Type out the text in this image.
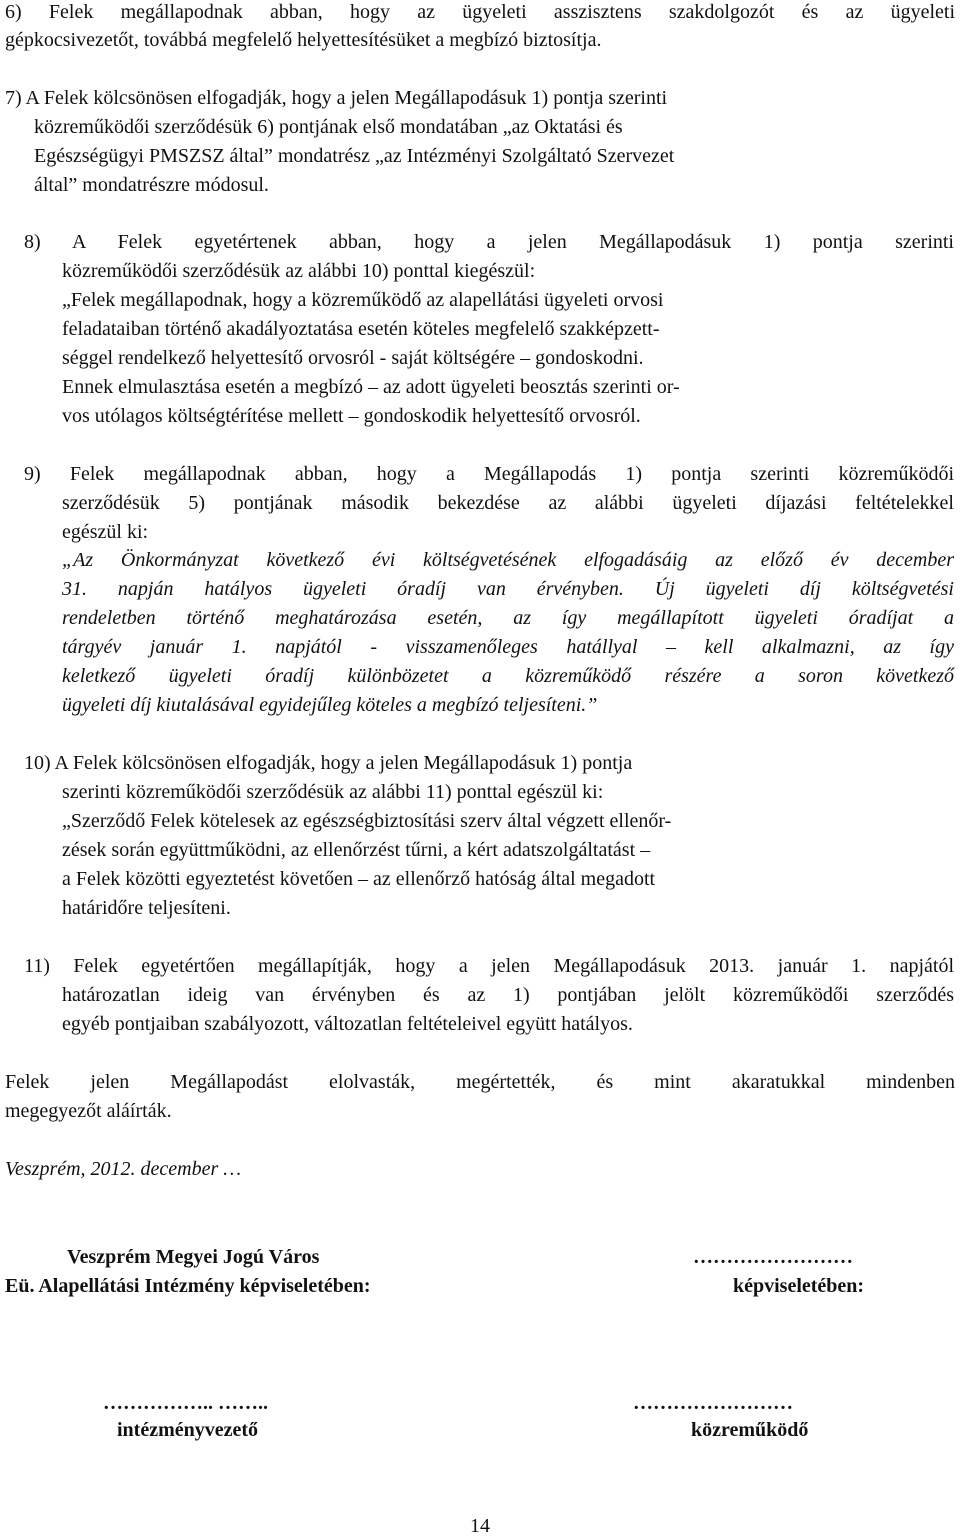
6) Felek megállapodnak abban, hogy az ügyeleti asszisztens szakdolgozót és az ügyeleti
gépkocsivezetőt, továbbá megfelelő helyettesítésüket a megbízó biztosítja.
7) A Felek kölcsönösen elfogadják, hogy a jelen Megállapodásuk 1) pontja szerinti
közreműködői szerződésük 6) pontjának első mondatában „az Oktatási és
Egészségügyi PMSZSZ által” mondatrész „az Intézményi Szolgáltató Szervezet
által” mondatrészre módosul.
8) A Felek egyetértenek abban, hogy a jelen Megállapodásuk 1) pontja szerinti
közreműködői szerződésük az alábbi 10) ponttal kiegészül:
„Felek megállapodnak, hogy a közreműködő az alapellátási ügyeleti orvosi
feladataiban történő akadályoztatása esetén köteles megfelelő szakképzett-
séggel rendelkező helyettesítő orvosról - saját költségére – gondoskodni.
Ennek elmulasztása esetén a megbízó – az adott ügyeleti beosztás szerinti or-
vos utólagos költségtérítése mellett – gondoskodik helyettesítő orvosról.
9) Felek megállapodnak abban, hogy a Megállapodás 1) pontja szerinti közreműködői
szerződésük 5) pontjának második bekezdése az alábbi ügyeleti díjazási feltételekkel
egészül ki:
„Az Önkormányzat következő évi költségvetésének elfogadásáig az előző év december
31. napján hatályos ügyeleti óradíj van érvényben. Új ügyeleti díj költségvetési
rendeletben történő meghatározása esetén, az így megállapított ügyeleti óradíjat a
tárgyév január 1. napjától - visszamenőleges hatállyal – kell alkalmazni, az így
keletkező ügyeleti óradíj különbözetet a közreműködő részére a soron következő
ügyeleti díj kiutalásával egyidejűleg köteles a megbízó teljesíteni.”
10) A Felek kölcsönösen elfogadják, hogy a jelen Megállapodásuk 1) pontja
szerinti közreműködői szerződésük az alábbi 11) ponttal egészül ki:
„Szerződő Felek kötelesek az egészségbiztosítási szerv által végzett ellenőr-
zések során együttműködni, az ellenőrzést tűrni, a kért adatszolgáltatást –
a Felek közötti egyeztetést követően – az ellenőrző hatóság által megadott
határidőre teljesíteni.
11) Felek egyetértően megállapítják, hogy a jelen Megállapodásuk 2013. január 1. napjától
határozatlan ideig van érvényben és az 1) pontjában jelölt közreműködői szerződés
egyéb pontjaiban szabályozott, változatlan feltételeivel együtt hatályos.
Felek jelen Megállapodást elolvasták, megértették, és mint akaratukkal mindenben
megegyezőt aláírták.
Veszprém, 2012. december …
Veszprém Megyei Jogú Város
Eü. Alapellátási Intézmény képviseletében:
……………………
képviseletében:
…………….. ……..	……………………
intézményvezető	közreműködő
14
